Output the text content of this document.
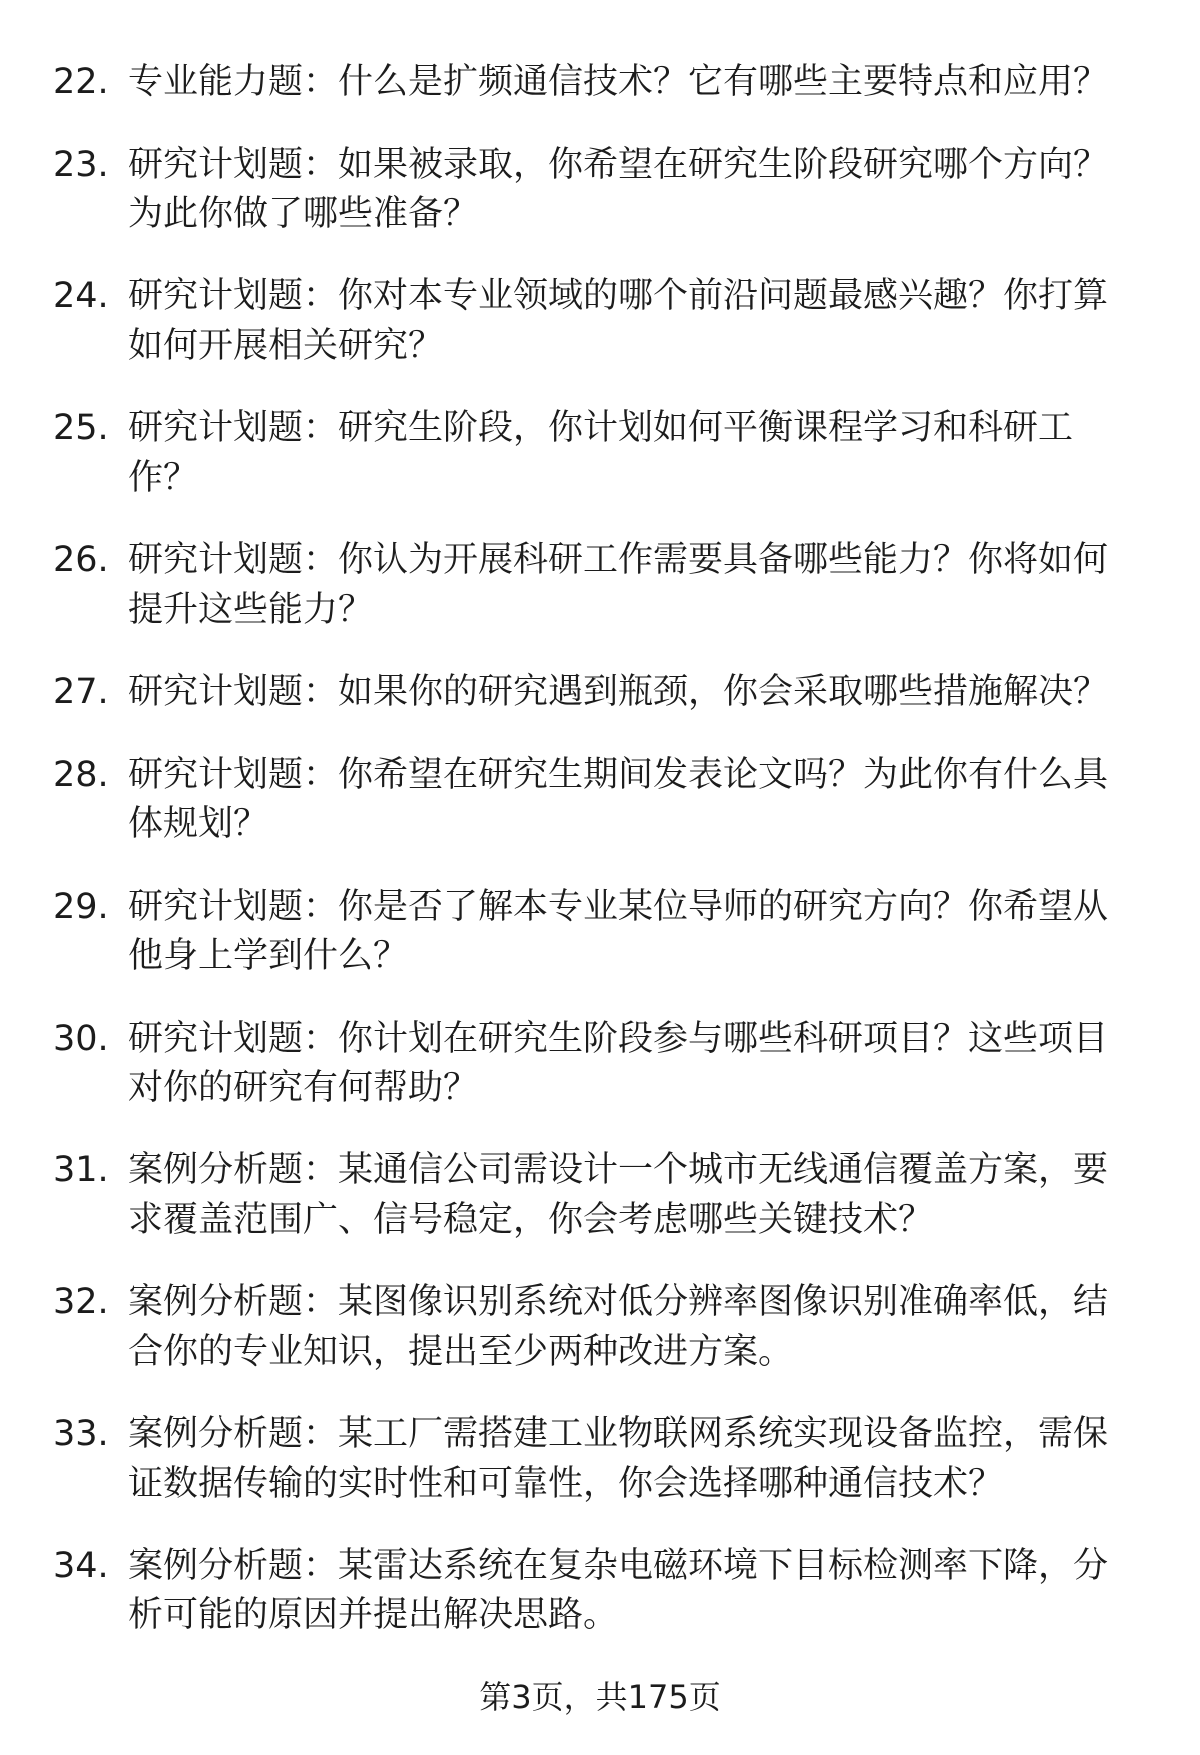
22. 专业能力题：什么是扩频通信技术？它有哪些主要特点和应用？
23. 研究计划题：如果被录取，你希望在研究生阶段研究哪个方向？
为此你做了哪些准备？
24. 研究计划题：你对本专业领域的哪个前沿问题最感兴趣？你打算
如何开展相关研究？
25. 研究计划题：研究生阶段，你计划如何平衡课程学习和科研工
作？
26. 研究计划题：你认为开展科研工作需要具备哪些能力？你将如何
提升这些能力？
27. 研究计划题：如果你的研究遇到瓶颈，你会采取哪些措施解决？
28. 研究计划题：你希望在研究生期间发表论文吗？为此你有什么具
体规划？
29. 研究计划题：你是否了解本专业某位导师的研究方向？你希望从
他身上学到什么？
30. 研究计划题：你计划在研究生阶段参与哪些科研项目？这些项目
对你的研究有何帮助？
31. 案例分析题：某通信公司需设计一个城市无线通信覆盖方案，要
求覆盖范围广、信号稳定，你会考虑哪些关键技术？
32. 案例分析题：某图像识别系统对低分辨率图像识别准确率低，结
合你的专业知识，提出至少两种改进方案。
33. 案例分析题：某工厂需搭建工业物联网系统实现设备监控，需保
证数据传输的实时性和可靠性，你会选择哪种通信技术？
34. 案例分析题：某雷达系统在复杂电磁环境下目标检测率下降，分
析可能的原因并提出解决思路。
第3页，共175页
